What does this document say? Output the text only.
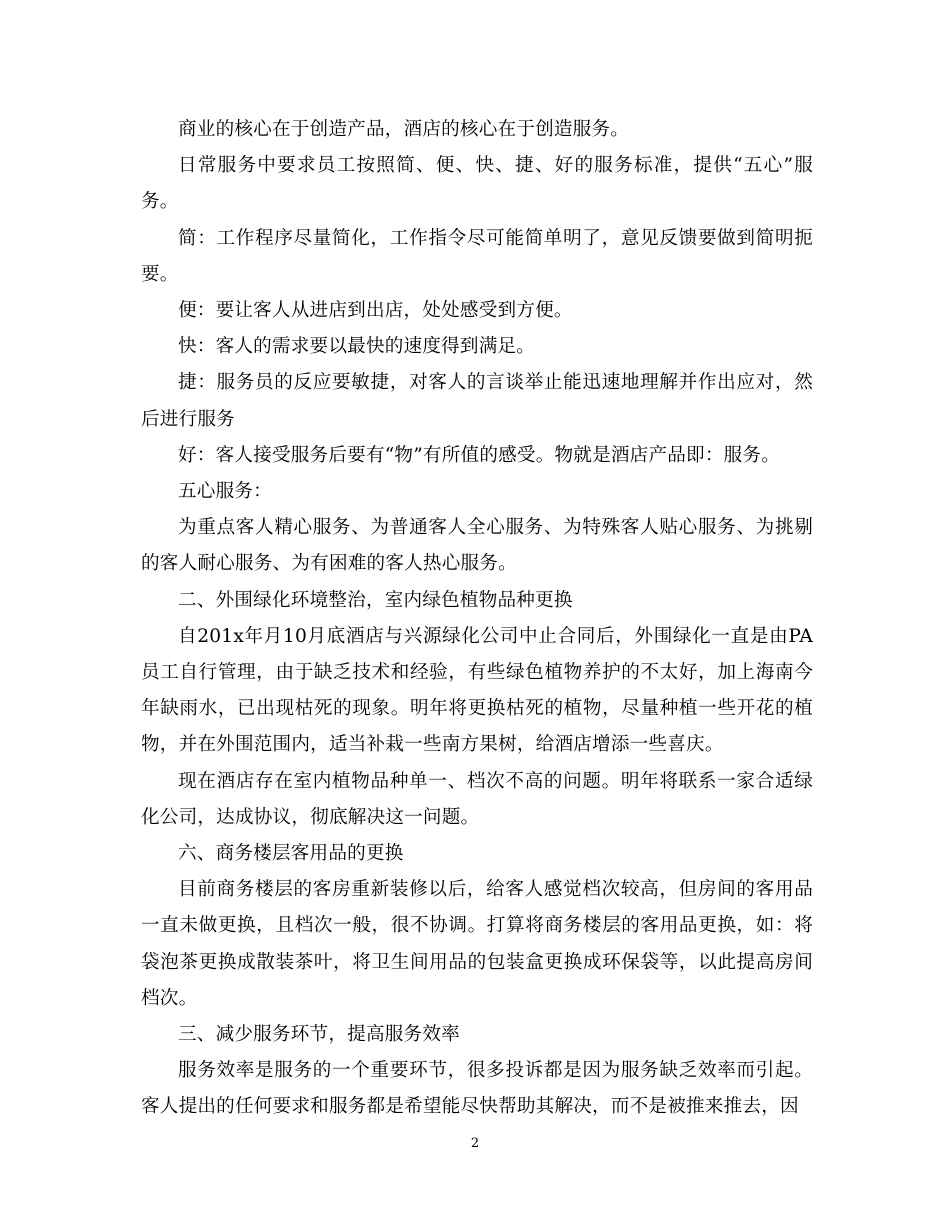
商业的核心在于创造产品，酒店的核心在于创造服务。

日常服务中要求员工按照简、便、快、捷、好的服务标准，提供“五心”服务。

简：工作程序尽量简化，工作指令尽可能简单明了，意见反馈要做到简明扼要。

便：要让客人从进店到出店，处处感受到方便。

快：客人的需求要以最快的速度得到满足。

捷：服务员的反应要敏捷，对客人的言谈举止能迅速地理解并作出应对，然后进行服务

好：客人接受服务后要有“物”有所值的感受。物就是酒店产品即：服务。

五心服务：

为重点客人精心服务、为普通客人全心服务、为特殊客人贴心服务、为挑剔的客人耐心服务、为有困难的客人热心服务。

二、外围绿化环境整治，室内绿色植物品种更换

自201x年月10月底酒店与兴源绿化公司中止合同后，外围绿化一直是由PA员工自行管理，由于缺乏技术和经验，有些绿色植物养护的不太好，加上海南今年缺雨水，已出现枯死的现象。明年将更换枯死的植物，尽量种植一些开花的植物，并在外围范围内，适当补栽一些南方果树，给酒店增添一些喜庆。

现在酒店存在室内植物品种单一、档次不高的问题。明年将联系一家合适绿化公司，达成协议，彻底解决这一问题。

六、商务楼层客用品的更换

目前商务楼层的客房重新装修以后，给客人感觉档次较高，但房间的客用品一直未做更换，且档次一般，很不协调。打算将商务楼层的客用品更换，如：将袋泡茶更换成散装茶叶，将卫生间用品的包装盒更换成环保袋等，以此提高房间档次。

三、减少服务环节，提高服务效率

服务效率是服务的一个重要环节，很多投诉都是因为服务缺乏效率而引起。客人提出的任何要求和服务都是希望能尽快帮助其解决，而不是被推来推去，因

2
